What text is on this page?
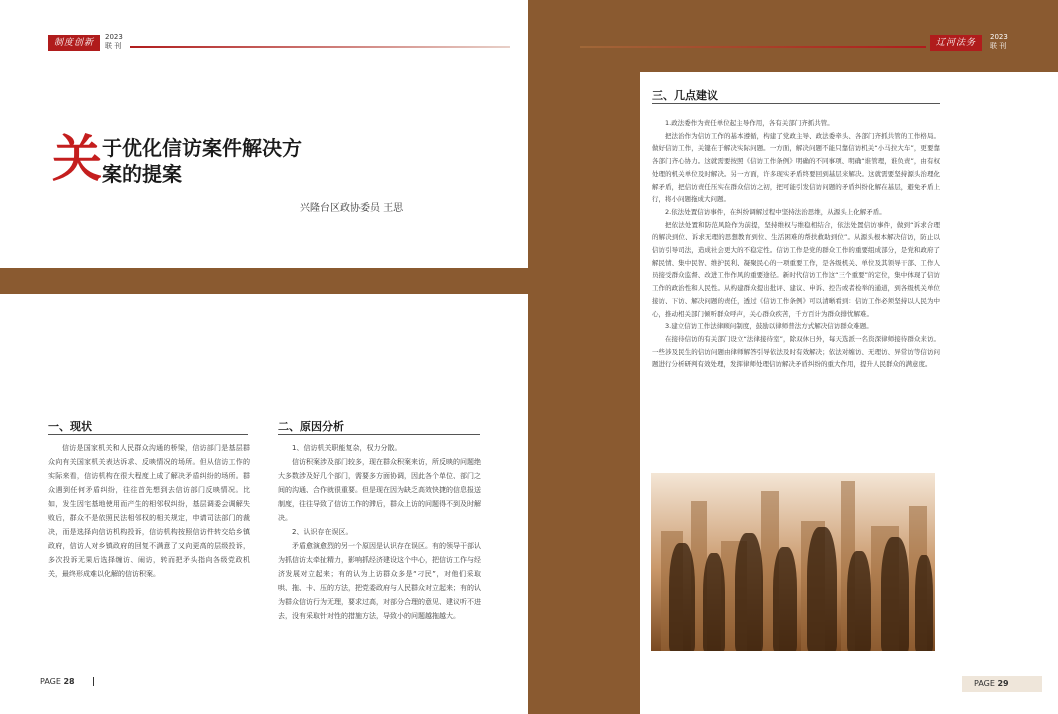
制度创新
2023
联 刊
关 于优化信访案件解决方案的提案
兴隆台区政协委员 王思
一、现状

信访是国家机关和人民群众沟通的桥梁，信访部门是基层群众向有关国家机关表达诉求、反映情况的场所。但从信访工作的实际来看，信访机构在很大程度上成了解决矛盾纠纷的场所。群众遇到任何矛盾纠纷，往往首先想到去信访部门反映情况。比如，发生因宅基地使用而产生的相邻权纠纷，基层调委会调解失败后，群众不是依照民法相邻权的相关规定，申请司法部门的裁决，而是选择向信访机构投诉，信访机构按照信访件转交给乡镇政府，信访人对乡镇政府的回复不满意了又向更高的层级投诉，多次投诉无果后选择缠访、闹访，转而把矛头指向各级党政机关，最终形成难以化解的信访积案。

二、原因分析

1、信访机关职能复杂，权力分散。

信访积案涉及部门较多，现在群众积案来访，所反映的问题绝大多数涉及好几个部门，需要多方面协调，因此各个单位、部门之间的沟通、合作就很重要。但是现在因为缺乏高效快捷的信息报送制度，往往导致了信访工作的滞后，群众上访的问题得不到及时解决。

2、认识存在误区。

矛盾愈演愈烈的另一个原因是认识存在误区。有的领导干部认为抓信访太牵扯精力，影响抓经济建设这个中心，把信访工作与经济发展对立起来；有的认为上访群众多是“刁民”，对他们采取哄、拖、卡、压的方法，把党委政府与人民群众对立起来；有的认为群众信访行为无理，要求过高，对部分合理的意见、建议听不进去，没有采取针对性的措施方法，导致小的问题越拖越大。

PAGE 28
辽河法务
2023
联 刊
三、几点建议

1.政法委作为责任单位起主导作用，各有关部门齐抓共管。

把法治作为信访工作的基本遵循，构建了党政主导、政法委牵头、各部门齐抓共管的工作格局。做好信访工作，关键在于解决实际问题。一方面，解决问题不能只靠信访机关“小马拉大车”，更要靠各部门齐心协力。这就需要按照《信访工作条例》明确的不同事项、明确“谁管理，谁负责”，由有权处理的机关单位及时解决。另一方面，许多现实矛盾终要回到基层来解决。这就需要坚持源头治理化解矛盾，把信访责任压实在群众信访之初，把可能引发信访问题的矛盾纠纷化解在基层，避免矛盾上行，将小问题拖成大问题。

2.依法处置信访事件，在纠纷调解过程中坚持法治思维，从源头上化解矛盾。

把依法处置和防范风险作为前提，坚持维权与维稳相结合，依法处置信访事件，做到“诉求合理的解决到位、诉求无理的思想教育到位、生活困难的帮扶救助到位”。从源头根本解决信访，防止以信访引导司法，造成社会更大的不稳定性。信访工作是党的群众工作的重要组成部分，是党和政府了解民情、集中民智、维护民利、凝聚民心的一项重要工作，是各级机关、单位及其领导干部、工作人员接受群众监督、改进工作作风的重要途径。新时代信访工作这“三个重要”的定位，集中体现了信访工作的政治性和人民性。从构建群众提出批评、建议、申诉、控告或者检举的通道，到各级机关单位接访、下访、解决问题的责任，透过《信访工作条例》可以清晰看到：信访工作必须坚持以人民为中心，推动相关部门倾听群众呼声，关心群众疾苦，千方百计为群众排忧解难。

3.建立信访工作法律顾问制度，鼓励以律师普法方式解决信访群众难题。

在接待信访的有关部门设立“法律接待室”，除双休日外，每天选派一名资深律师接待群众来访。一些涉及民生的信访问题由律师解答引导依法及时有效解决；依法对缠访、无理访、异常访等信访问题进行分析研判有效处理，发挥律师处理信访解决矛盾纠纷的重大作用，提升人民群众的满意度。

PAGE 29
